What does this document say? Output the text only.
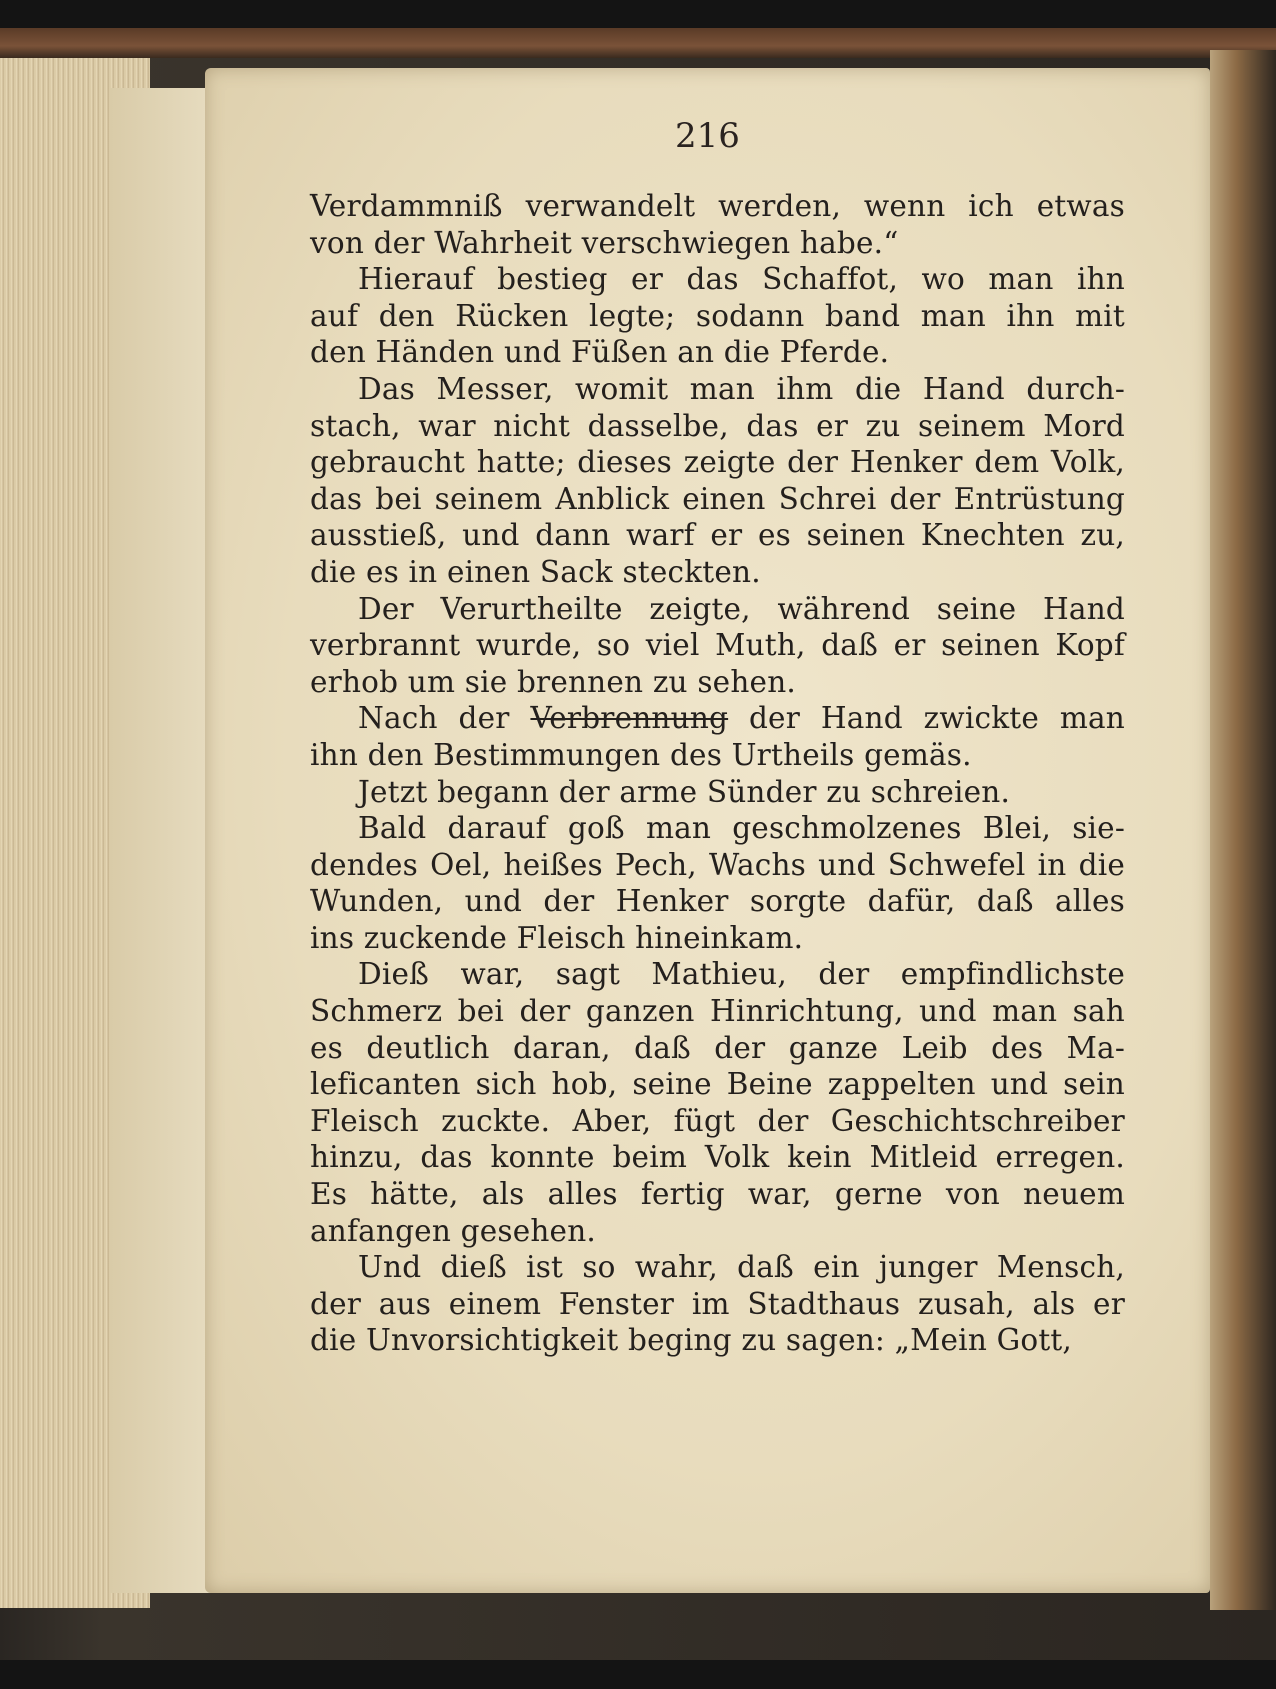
216
Verdammniß verwandelt werden, wenn ich etwas
von der Wahrheit verschwiegen habe.“
Hierauf bestieg er das Schaffot, wo man ihn
auf den Rücken legte; sodann band man ihn mit
den Händen und Füßen an die Pferde.
Das Messer, womit man ihm die Hand durch-
stach, war nicht dasselbe, das er zu seinem Mord
gebraucht hatte; dieses zeigte der Henker dem Volk,
das bei seinem Anblick einen Schrei der Entrüstung
ausstieß, und dann warf er es seinen Knechten zu,
die es in einen Sack steckten.
Der Verurtheilte zeigte, während seine Hand
verbrannt wurde, so viel Muth, daß er seinen Kopf
erhob um sie brennen zu sehen.
Nach der Verbrennung der Hand zwickte man
ihn den Bestimmungen des Urtheils gemäs.
Jetzt begann der arme Sünder zu schreien.
Bald darauf goß man geschmolzenes Blei, sie-
dendes Oel, heißes Pech, Wachs und Schwefel in die
Wunden, und der Henker sorgte dafür, daß alles
ins zuckende Fleisch hineinkam.
Dieß war, sagt Mathieu, der empfindlichste
Schmerz bei der ganzen Hinrichtung, und man sah
es deutlich daran, daß der ganze Leib des Ma-
leficanten sich hob, seine Beine zappelten und sein
Fleisch zuckte. Aber, fügt der Geschichtschreiber
hinzu, das konnte beim Volk kein Mitleid erregen.
Es hätte, als alles fertig war, gerne von neuem
anfangen gesehen.
Und dieß ist so wahr, daß ein junger Mensch,
der aus einem Fenster im Stadthaus zusah, als er
die Unvorsichtigkeit beging zu sagen: „Mein Gott,
